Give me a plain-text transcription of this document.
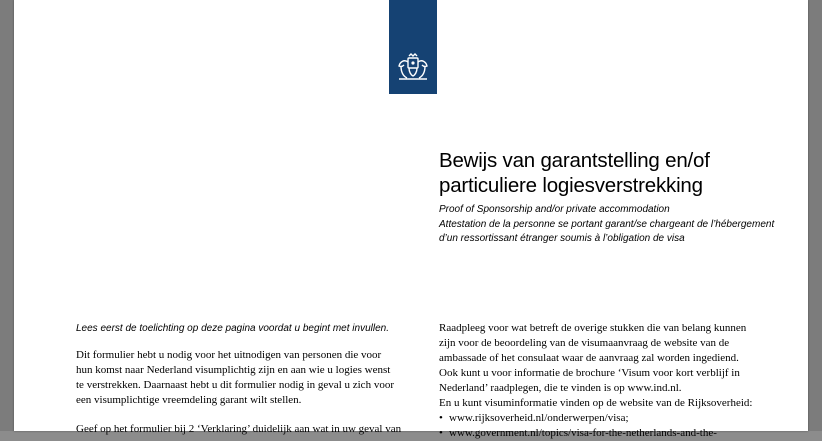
Bewijs van garantstelling en/of
particuliere logiesverstrekking
Proof of Sponsorship and/or private accommodation
Attestation de la personne se portant garant/se chargeant de l’hébergement
d’un ressortissant étranger soumis à l’obligation de visa

Lees eerst de toelichting op deze pagina voordat u begint met invullen.

Dit formulier hebt u nodig voor het uitnodigen van personen die voor
hun komst naar Nederland visumplichtig zijn en aan wie u logies wenst
te verstrekken. Daarnaast hebt u dit formulier nodig in geval u zich voor
een visumplichtige vreemdeling garant wilt stellen.

Geef op het formulier bij 2 ‘Verklaring’ duidelijk aan wat in uw geval van

Raadpleeg voor wat betreft de overige stukken die van belang kunnen
zijn voor de beoordeling van de visumaanvraag de website van de
ambassade of het consulaat waar de aanvraag zal worden ingediend.
Ook kunt u voor informatie de brochure ‘Visum voor kort verblijf in
Nederland’ raadplegen, die te vinden is op www.ind.nl.
En u kunt visuminformatie vinden op de website van de Rijksoverheid:
• www.rijksoverheid.nl/onderwerpen/visa;
• www.government.nl/topics/visa-for-the-netherlands-and-the-
